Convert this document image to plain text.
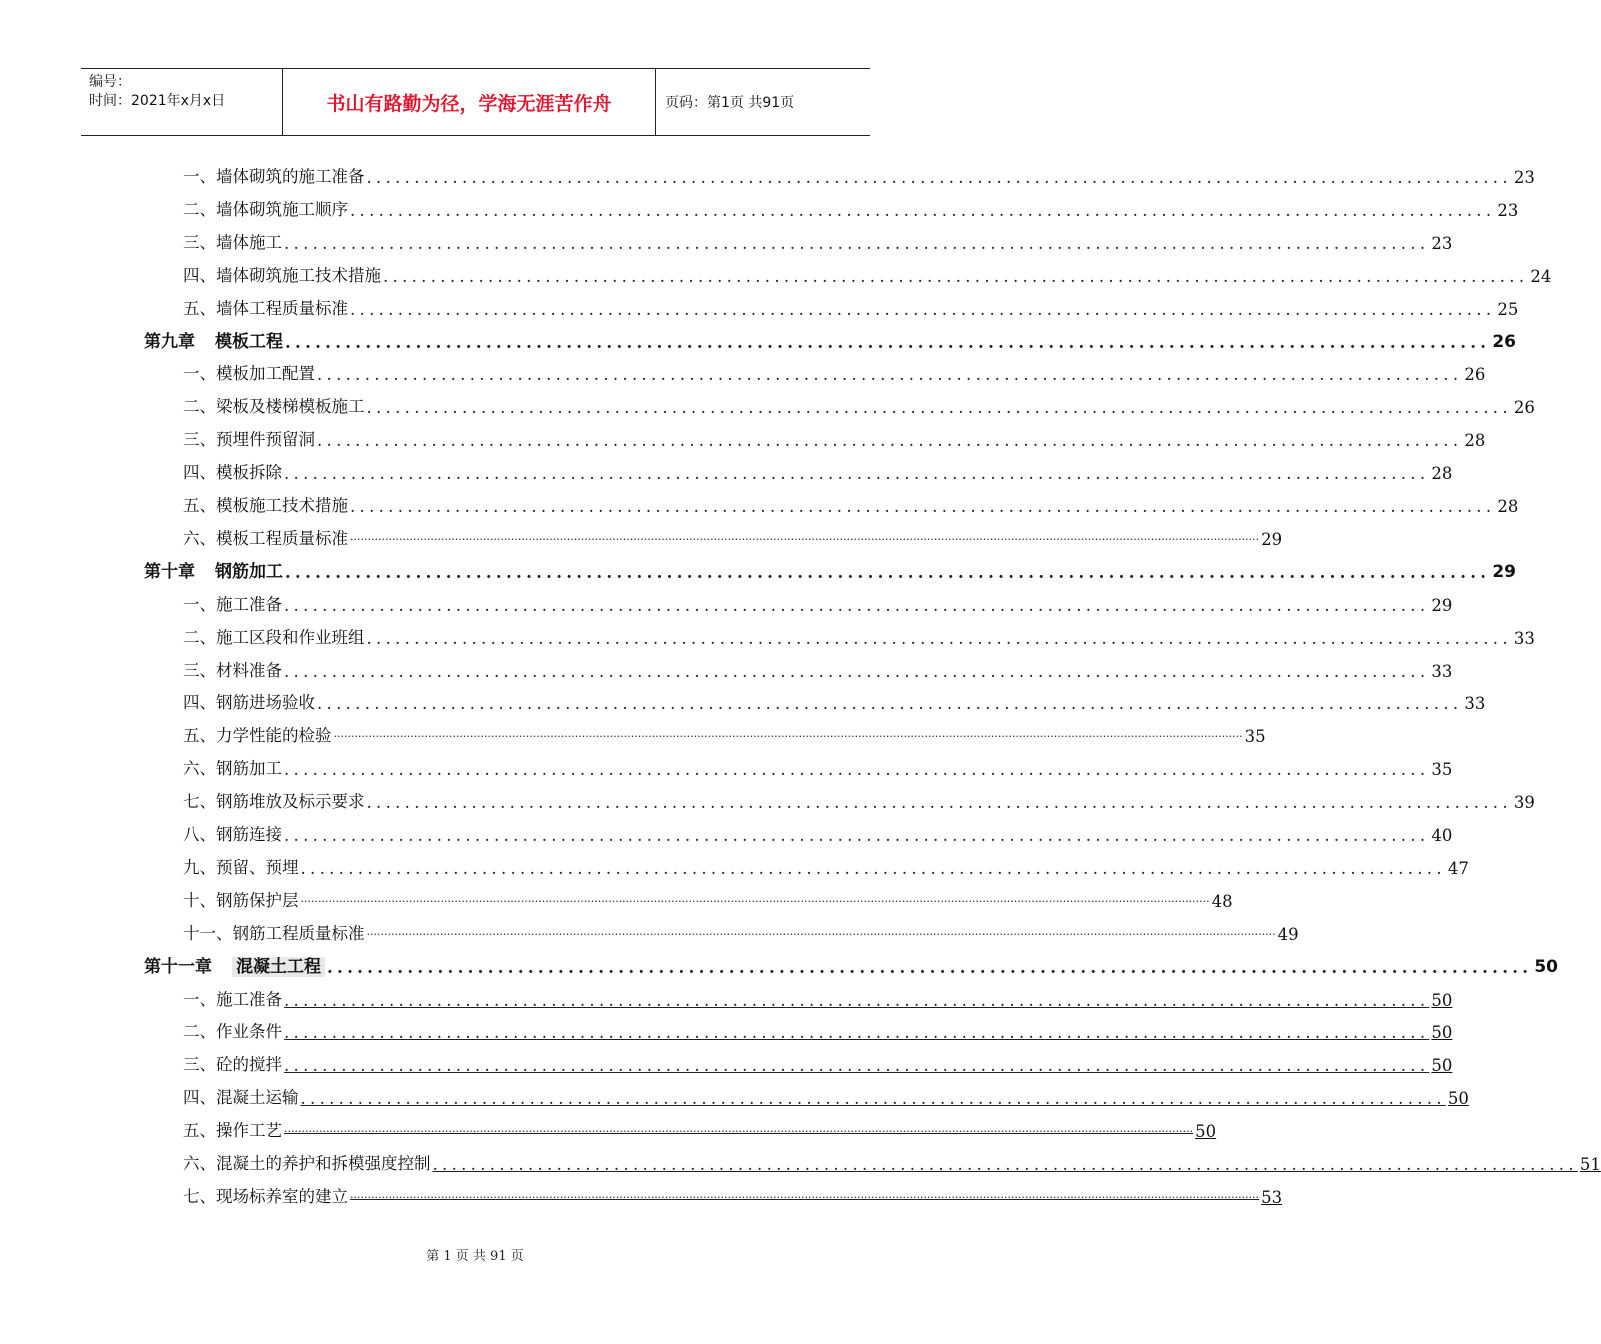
编号：
时间：2021年x月x日	书山有路勤为径，学海无涯苦作舟	页码：第1页 共91页
一、墙体砌筑的施工准备 ........................................................................................................................ 23
二、墙体砌筑施工顺序 ........................................................................................................................ 23
三、墙体施工 ........................................................................................................................ 23
四、墙体砌筑施工技术措施 ........................................................................................................................ 24
五、墙体工程质量标准 ........................................................................................................................ 25
第九章 模板工程 ........................................................................................................................ 26
一、模板加工配置 ........................................................................................................................ 26
二、梁板及楼梯模板施工 ........................................................................................................................ 26
三、预埋件预留洞 ........................................................................................................................ 28
四、模板拆除 ........................................................................................................................ 28
五、模板施工技术措施 ........................................................................................................................ 28
六、模板工程质量标准 .................................................................................................................................................................................................................................................................... 29
第十章 钢筋加工 ........................................................................................................................ 29
一、施工准备 ........................................................................................................................ 29
二、施工区段和作业班组 ........................................................................................................................ 33
三、材料准备 ........................................................................................................................ 33
四、钢筋进场验收 ........................................................................................................................ 33
五、力学性能的检验 .................................................................................................................................................................................................................................................................... 35
六、钢筋加工 ........................................................................................................................ 35
七、钢筋堆放及标示要求 ........................................................................................................................ 39
八、钢筋连接 ........................................................................................................................ 40
九、预留、预埋 ........................................................................................................................ 47
十、钢筋保护层 .................................................................................................................................................................................................................................................................... 48
十一、钢筋工程质量标准 .................................................................................................................................................................................................................................................................... 49
第十一章 混凝土工程 ........................................................................................................................ 50
一、施工准备 ........................................................................................................................ 50
二、作业条件 ........................................................................................................................ 50
三、砼的搅拌 ........................................................................................................................ 50
四、混凝土运输 ........................................................................................................................ 50
五、操作工艺 .................................................................................................................................................................................................................................................................... 50
六、混凝土的养护和拆模强度控制 ........................................................................................................................ 51
七、现场标养室的建立 .................................................................................................................................................................................................................................................................... 53
第 1 页 共 91 页
